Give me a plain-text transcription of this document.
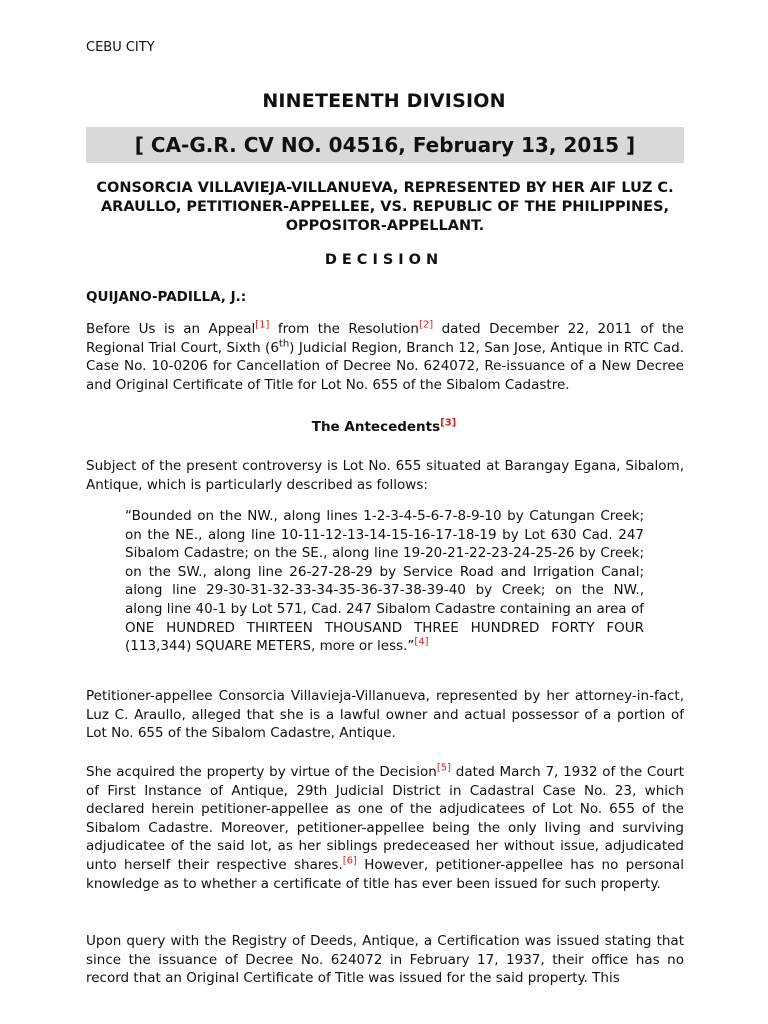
CEBU CITY
NINETEENTH DIVISION
[ CA-G.R. CV NO. 04516, February 13, 2015 ]
CONSORCIA VILLAVIEJA-VILLANUEVA, REPRESENTED BY HER AIF LUZ C. ARAULLO, PETITIONER-APPELLEE, VS. REPUBLIC OF THE PHILIPPINES, OPPOSITOR-APPELLANT.
DECISION
QUIJANO-PADILLA, J.:

Before Us is an Appeal[1] from the Resolution[2] dated December 22, 2011 of the Regional Trial Court, Sixth (6th) Judicial Region, Branch 12, San Jose, Antique in RTC Cad. Case No. 10-0206 for Cancellation of Decree No. 624072, Re-issuance of a New Decree and Original Certificate of Title for Lot No. 655 of the Sibalom Cadastre.

The Antecedents[3]

Subject of the present controversy is Lot No. 655 situated at Barangay Egana, Sibalom, Antique, which is particularly described as follows:

“Bounded on the NW., along lines 1-2-3-4-5-6-7-8-9-10 by Catungan Creek; on the NE., along line 10-11-12-13-14-15-16-17-18-19 by Lot 630 Cad. 247 Sibalom Cadastre; on the SE., along line 19-20-21-22-23-24-25-26 by Creek; on the SW., along line 26-27-28-29 by Service Road and Irrigation Canal; along line 29-30-31-32-33-34-35-36-37-38-39-40 by Creek; on the NW., along line 40-1 by Lot 571, Cad. 247 Sibalom Cadastre containing an area of ONE HUNDRED THIRTEEN THOUSAND THREE HUNDRED FORTY FOUR (113,344) SQUARE METERS, more or less.”[4]

Petitioner-appellee Consorcia Villavieja-Villanueva, represented by her attorney-in-fact, Luz C. Araullo, alleged that she is a lawful owner and actual possessor of a portion of Lot No. 655 of the Sibalom Cadastre, Antique.

She acquired the property by virtue of the Decision[5] dated March 7, 1932 of the Court of First Instance of Antique, 29th Judicial District in Cadastral Case No. 23, which declared herein petitioner-appellee as one of the adjudicatees of Lot No. 655 of the Sibalom Cadastre. Moreover, petitioner-appellee being the only living and surviving adjudicatee of the said lot, as her siblings predeceased her without issue, adjudicated unto herself their respective shares.[6] However, petitioner-appellee has no personal knowledge as to whether a certificate of title has ever been issued for such property.

Upon query with the Registry of Deeds, Antique, a Certification was issued stating that since the issuance of Decree No. 624072 in February 17, 1937, their office has no record that an Original Certificate of Title was issued for the said property. This
